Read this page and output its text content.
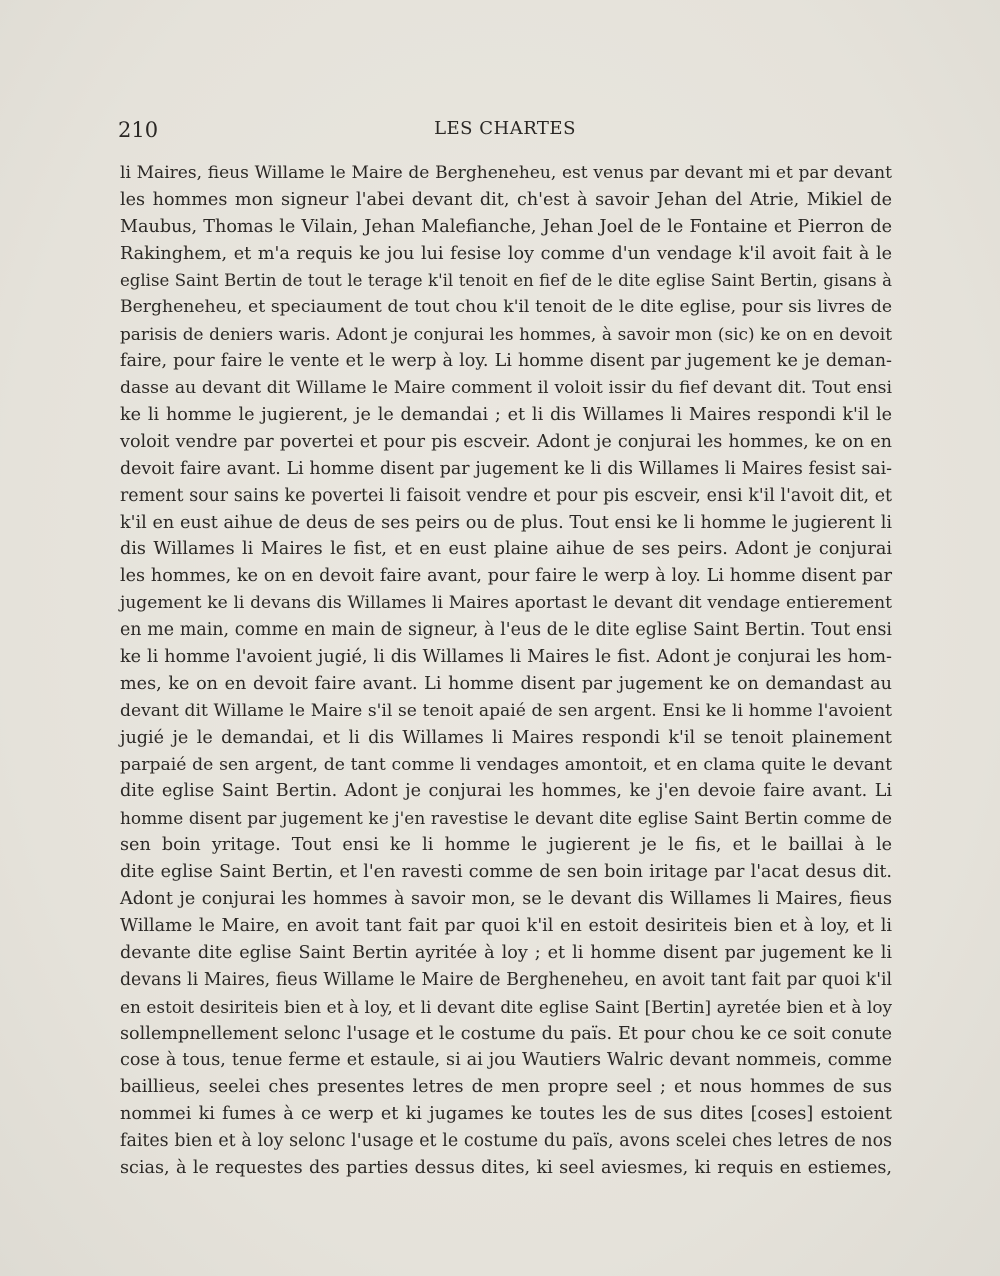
210	LES CHARTES
li Maires, fieus Willame le Maire de Bergheneheu, est venus par devant mi et par devant
les hommes mon signeur l'abei devant dit, ch'est à savoir Jehan del Atrie, Mikiel de
Maubus, Thomas le Vilain, Jehan Malefianche, Jehan Joel de le Fontaine et Pierron de
Rakinghem, et m'a requis ke jou lui fesise loy comme d'un vendage k'il avoit fait à le
eglise Saint Bertin de tout le terage k'il tenoit en fief de le dite eglise Saint Bertin, gisans à
Bergheneheu, et speciaument de tout chou k'il tenoit de le dite eglise, pour sis livres de
parisis de deniers waris. Adont je conjurai les hommes, à savoir mon (sic) ke on en devoit
faire, pour faire le vente et le werp à loy. Li homme disent par jugement ke je deman-
dasse au devant dit Willame le Maire comment il voloit issir du fief devant dit. Tout ensi
ke li homme le jugierent, je le demandai ; et li dis Willames li Maires respondi k'il le
voloit vendre par povertei et pour pis escveir. Adont je conjurai les hommes, ke on en
devoit faire avant. Li homme disent par jugement ke li dis Willames li Maires fesist sai-
rement sour sains ke povertei li faisoit vendre et pour pis escveir, ensi k'il l'avoit dit, et
k'il en eust aihue de deus de ses peirs ou de plus. Tout ensi ke li homme le jugierent li
dis Willames li Maires le fist, et en eust plaine aihue de ses peirs. Adont je conjurai
les hommes, ke on en devoit faire avant, pour faire le werp à loy. Li homme disent par
jugement ke li devans dis Willames li Maires aportast le devant dit vendage entierement
en me main, comme en main de signeur, à l'eus de le dite eglise Saint Bertin. Tout ensi
ke li homme l'avoient jugié, li dis Willames li Maires le fist. Adont je conjurai les hom-
mes, ke on en devoit faire avant. Li homme disent par jugement ke on demandast au
devant dit Willame le Maire s'il se tenoit apaié de sen argent. Ensi ke li homme l'avoient
jugié je le demandai, et li dis Willames li Maires respondi k'il se tenoit plainement
parpaié de sen argent, de tant comme li vendages amontoit, et en clama quite le devant
dite eglise Saint Bertin. Adont je conjurai les hommes, ke j'en devoie faire avant. Li
homme disent par jugement ke j'en ravestise le devant dite eglise Saint Bertin comme de
sen boin yritage. Tout ensi ke li homme le jugierent je le fis, et le baillai à le
dite eglise Saint Bertin, et l'en ravesti comme de sen boin iritage par l'acat desus dit.
Adont je conjurai les hommes à savoir mon, se le devant dis Willames li Maires, fieus
Willame le Maire, en avoit tant fait par quoi k'il en estoit desiriteis bien et à loy, et li
devante dite eglise Saint Bertin ayritée à loy ; et li homme disent par jugement ke li
devans li Maires, fieus Willame le Maire de Bergheneheu, en avoit tant fait par quoi k'il
en estoit desiriteis bien et à loy, et li devant dite eglise Saint [Bertin] ayretée bien et à loy
sollempnellement selonc l'usage et le costume du païs. Et pour chou ke ce soit conute
cose à tous, tenue ferme et estaule, si ai jou Wautiers Walric devant nommeis, comme
baillieus, seelei ches presentes letres de men propre seel ; et nous hommes de sus
nommei ki fumes à ce werp et ki jugames ke toutes les de sus dites [coses] estoient
faites bien et à loy selonc l'usage et le costume du païs, avons scelei ches letres de nos
scias, à le requestes des parties dessus dites, ki seel aviesmes, ki requis en estiemes,
